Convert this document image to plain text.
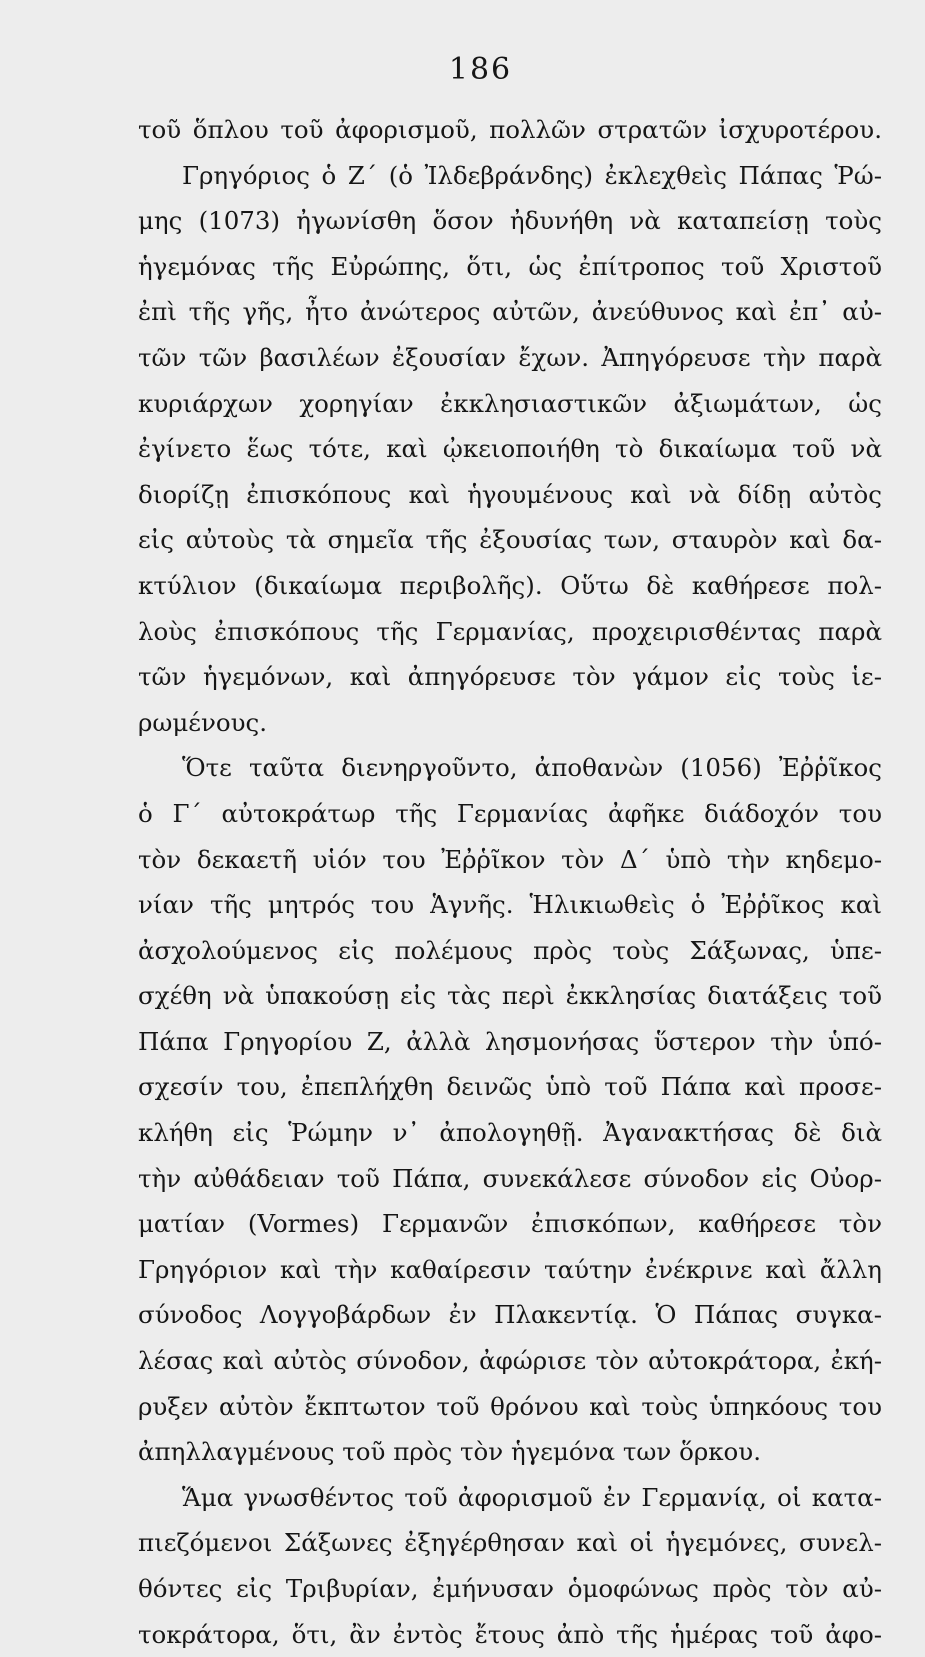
186
τοῦ ὅπλου τοῦ ἀφορισμοῦ, πολλῶν στρατῶν ἰσχυροτέρου.
Γρηγόριος ὁ Ζ΄ (ὁ Ἰλδεβράνδης) ἐκλεχθεὶς Πάπας Ῥώ-
μης (1073) ἠγωνίσθη ὅσον ἠδυνήθη νὰ καταπείσῃ τοὺς
ἡγεμόνας τῆς Εὐρώπης, ὅτι, ὡς ἐπίτροπος τοῦ Χριστοῦ
ἐπὶ τῆς γῆς, ἦτο ἀνώτερος αὐτῶν, ἀνεύθυνος καὶ ἐπ᾽ αὐ-
τῶν τῶν βασιλέων ἐξουσίαν ἔχων. Ἀπηγόρευσε τὴν παρὰ
κυριάρχων χορηγίαν ἐκκλησιαστικῶν ἀξιωμάτων, ὡς
ἐγίνετο ἕως τότε, καὶ ᾠκειοποιήθη τὸ δικαίωμα τοῦ νὰ
διορίζῃ ἐπισκόπους καὶ ἡγουμένους καὶ νὰ δίδῃ αὐτὸς
εἰς αὐτοὺς τὰ σημεῖα τῆς ἐξουσίας των, σταυρὸν καὶ δα-
κτύλιον (δικαίωμα περιβολῆς). Οὕτω δὲ καθήρεσε πολ-
λοὺς ἐπισκόπους τῆς Γερμανίας, προχειρισθέντας παρὰ
τῶν ἡγεμόνων, καὶ ἀπηγόρευσε τὸν γάμον εἰς τοὺς ἱε-
ρωμένους.
Ὅτε ταῦτα διενηργοῦντο, ἀποθανὼν (1056) Ἐῤῥῖκος
ὁ Γ΄ αὐτοκράτωρ τῆς Γερμανίας ἀφῆκε διάδοχόν του
τὸν δεκαετῆ υἱόν του Ἐῤῥῖκον τὸν Δ΄ ὑπὸ τὴν κηδεμο-
νίαν τῆς μητρός του Ἁγνῆς. Ἡλικιωθεὶς ὁ Ἐῤῥῖκος καὶ
ἀσχολούμενος εἰς πολέμους πρὸς τοὺς Σάξωνας, ὑπε-
σχέθη νὰ ὑπακούσῃ εἰς τὰς περὶ ἐκκλησίας διατάξεις τοῦ
Πάπα Γρηγορίου Ζ, ἀλλὰ λησμονήσας ὕστερον τὴν ὑπό-
σχεσίν του, ἐπεπλήχθη δεινῶς ὑπὸ τοῦ Πάπα καὶ προσε-
κλήθη εἰς Ῥώμην ν᾽ ἀπολογηθῇ. Ἀγανακτήσας δὲ διὰ
τὴν αὐθάδειαν τοῦ Πάπα, συνεκάλεσε σύνοδον εἰς Οὐορ-
ματίαν (Vormes) Γερμανῶν ἐπισκόπων, καθήρεσε τὸν
Γρηγόριον καὶ τὴν καθαίρεσιν ταύτην ἐνέκρινε καὶ ἄλλη
σύνοδος Λογγοβάρδων ἐν Πλακεντίᾳ. Ὁ Πάπας συγκα-
λέσας καὶ αὐτὸς σύνοδον, ἀφώρισε τὸν αὐτοκράτορα, ἐκή-
ρυξεν αὐτὸν ἔκπτωτον τοῦ θρόνου καὶ τοὺς ὑπηκόους του
ἀπηλλαγμένους τοῦ πρὸς τὸν ἡγεμόνα των ὅρκου.
Ἅμα γνωσθέντος τοῦ ἀφορισμοῦ ἐν Γερμανίᾳ, οἱ κατα-
πιεζόμενοι Σάξωνες ἐξηγέρθησαν καὶ οἱ ἡγεμόνες, συνελ-
θόντες εἰς Τριβυρίαν, ἐμήνυσαν ὁμοφώνως πρὸς τὸν αὐ-
τοκράτορα, ὅτι, ἂν ἐντὸς ἔτους ἀπὸ τῆς ἡμέρας τοῦ ἀφο-
